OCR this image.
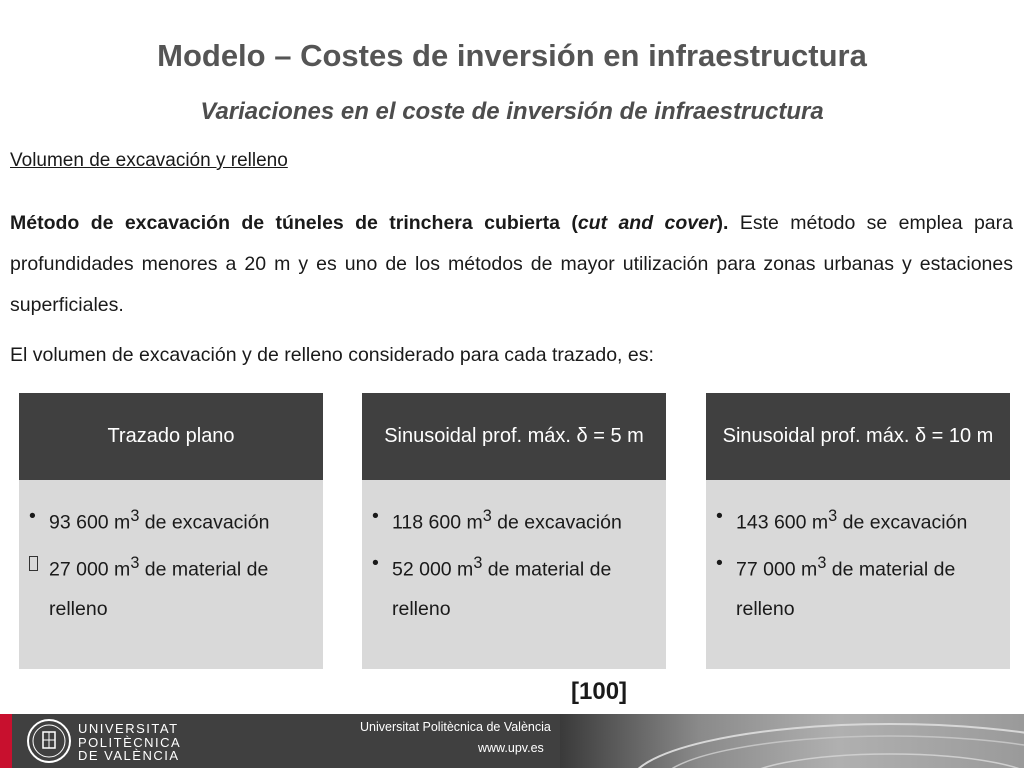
Modelo – Costes de inversión en infraestructura
Variaciones en el coste de inversión de infraestructura
Volumen de excavación y relleno

Método de excavación de túneles de trinchera cubierta (cut and cover). Este método se emplea para profundidades menores a 20 m y es uno de los métodos de mayor utilización para zonas urbanas y estaciones superficiales.

El volumen de excavación y de relleno considerado para cada trazado, es:

Trazado plano
• 93 600 $m^3$ de excavación
27 000 $m^3$ de material de relleno
Sinusoidal prof. máx. δ = 5 m
• 118 600 $m^3$ de excavación
• 52 000 $m^3$ de material de relleno
Sinusoidal prof. máx. δ = 10 m
• 143 600 $m^3$ de excavación
• 77 000 $m^3$ de material de relleno
[100]
UNIVERSITAT
POLITÈCNICA
DE VALÈNCIA
Universitat Politècnica de València
www.upv.es
